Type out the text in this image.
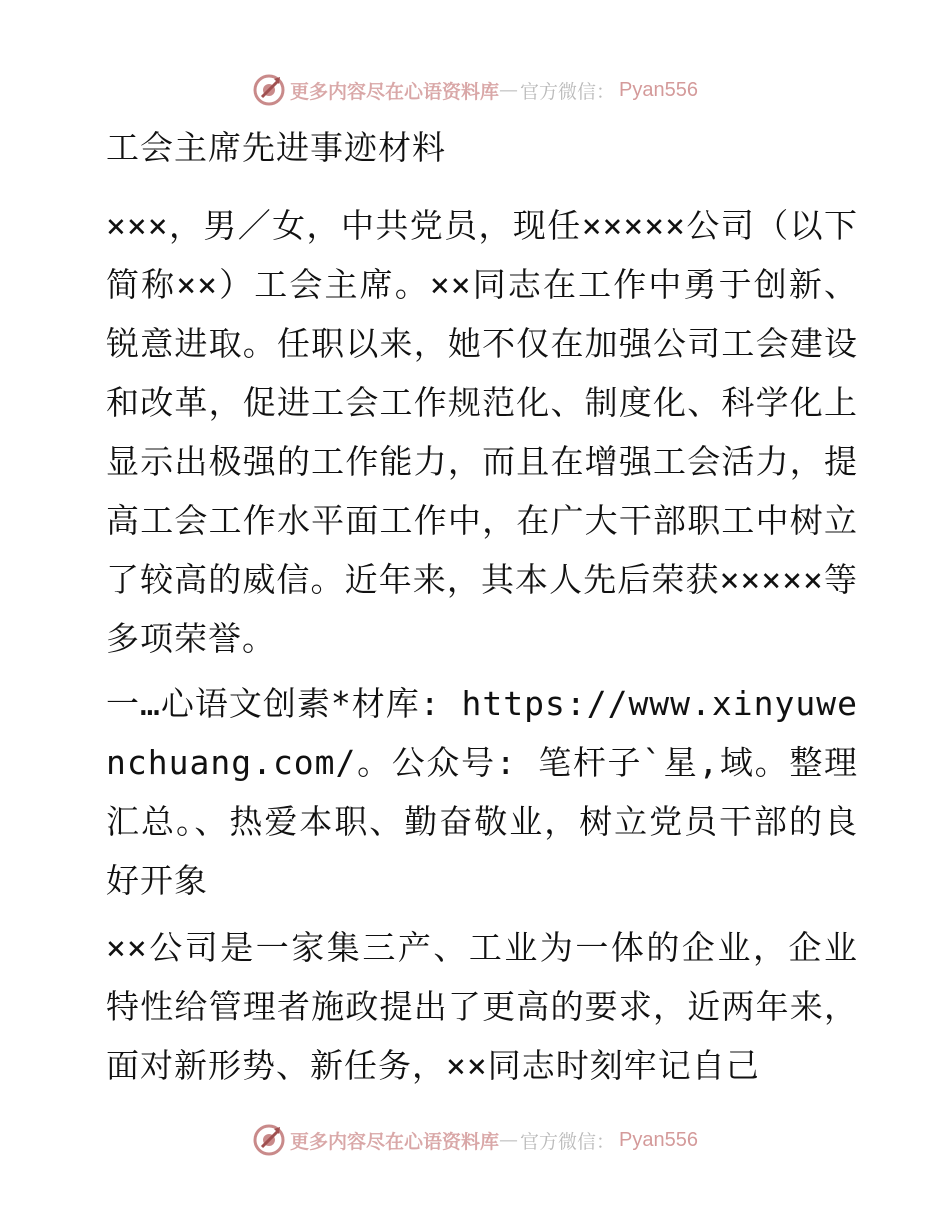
更多内容尽在心语资料库 — 官方微信： Pyan556
工会主席先进事迹材料

×××，男／女，中共党员，现任×××××公司（以下简称××）工会主席。××同志在工作中勇于创新、锐意进取。任职以来，她不仅在加强公司工会建设和改革，促进工会工作规范化、制度化、科学化上显示出极强的工作能力，而且在增强工会活力，提高工会工作水平面工作中，在广大干部职工中树立了较高的威信。近年来，其本人先后荣获×××××等多项荣誉。

一…心语文创素*材库: https://www.xinyuwenchuang.com/。公众号: 笔杆子`星,域。整理汇总。、热爱本职、勤奋敬业，树立党员干部的良好开象

××公司是一家集三产、工业为一体的企业，企业特性给管理者施政提出了更高的要求，近两年来，面对新形势、新任务，××同志时刻牢记自己

更多内容尽在心语资料库 — 官方微信： Pyan556
